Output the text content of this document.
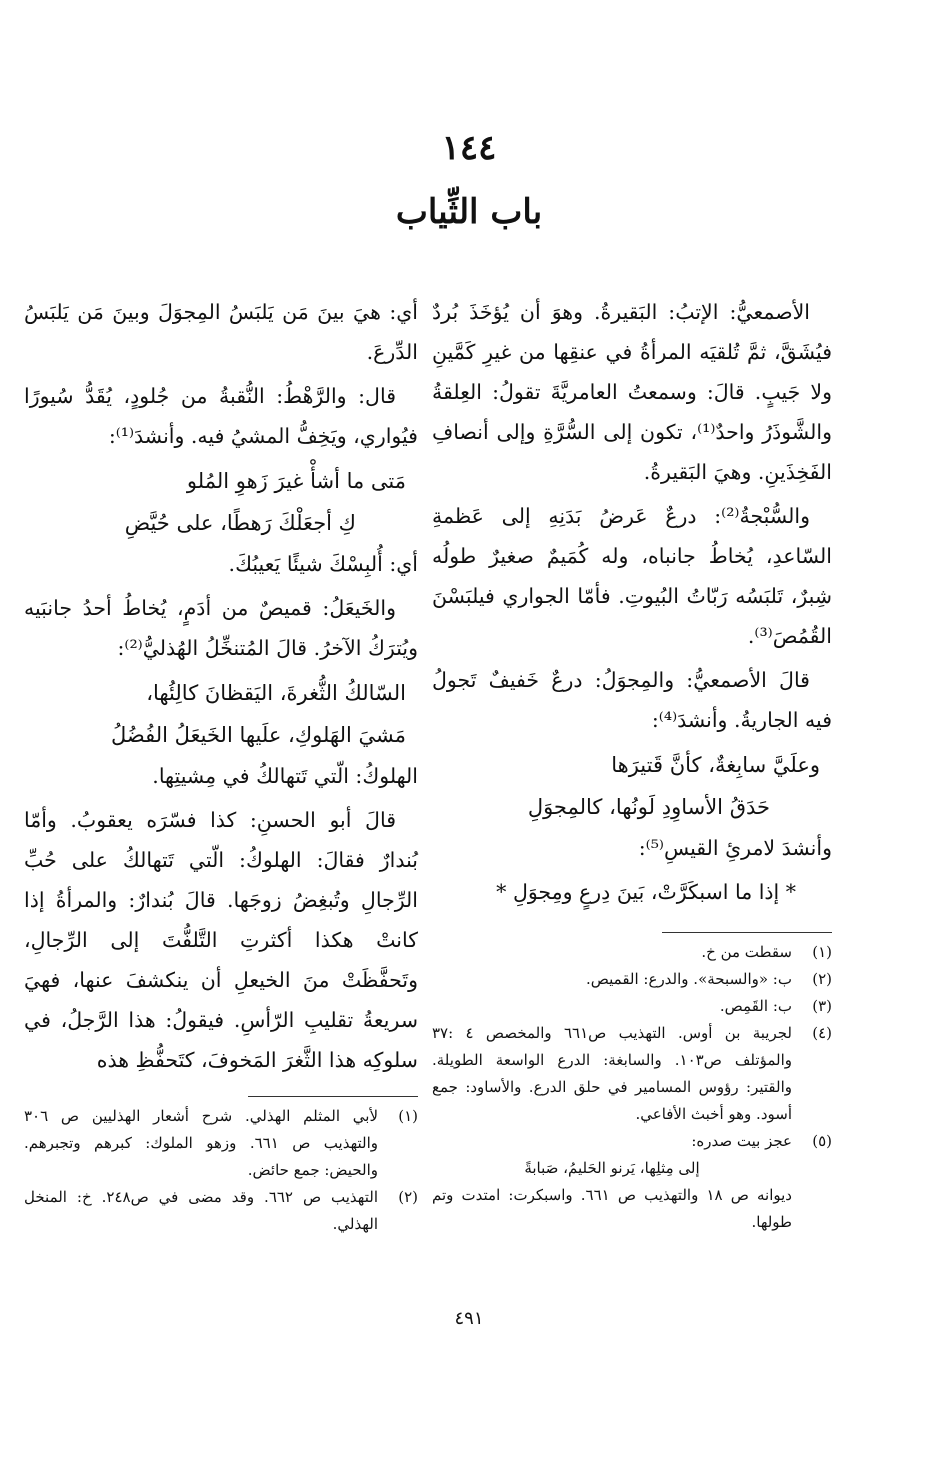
١٤٤
باب الثِّياب

الأصمعيُّ: الإتبُ: البَقيرةُ. وهوَ أن يُؤخَذَ بُردٌ فيُشَقَّ، ثمَّ تُلقيَه المرأةُ في عنقِها من غيرِ كَمَّينِ ولا جَيبٍ. قالَ: وسمعتُ العامريَّةَ تقولُ: العِلقةُ والشَّوذَرُ واحدٌ⁽¹⁾، تكون إلى السُّرَّةِ وإلى أنصافِ الفَخِذَينِ. وهيَ البَقيرةُ.

والسُّبْجةُ⁽²⁾: درعٌ عَرضُ بَدَنِهِ إلى عَظمةِ السّاعدِ، يُخاطُ جانباه، وله كُمَيمٌ صغيرٌ طولُه شِبرٌ، تَلبَسُه رَبّاتُ البُيوتِ. فأمّا الجواري فيلبَسْنَ القُمُصَ⁽³⁾.

قالَ الأصمعيُّ: والمِجوَلُ: درعٌ خَفيفٌ تَجولُ فيه الجاريةُ. وأنشدَ⁽⁴⁾:

وعلَيَّ سابِغةٌ، كأنَّ قَتيرَها
حَدَقُ الأساوِدِ لَونُها، كالمِجوَلِ

وأنشدَ لامرئِ القيسِ⁽⁵⁾:

* إذا ما اسبكَرَّتْ، بَينَ دِرعٍ ومِجوَلِ *
(١)
سقطت من خ.
(٢)
ب: «والسبحة». والدرع: القميص.
(٣)
ب: القَمِص.
(٤)
لجريبة بن أوس. التهذيب ص٦٦١ والمخصص ٤ :٣٧ والمؤتلف ص١٠٣. والسابغة: الدرع الواسعة الطويلة. والقتير: رؤوس المسامير في حلق الدرع. والأساود: جمع أسود. وهو أخبث الأفاعي.
(٥)
عجز بيت صدره:
إلى مِثلِها، يَرنو الحَليمُ، صَبابةً
ديوانه ص ١٨ والتهذيب ص ٦٦١. واسبكرت: امتدت وتم طولها.

أي: هيَ بينَ مَن يَلبَسُ المِجوَلَ وبينَ مَن يَلبَسُ الدِّرعَ.

قال: والرَّهْطُ: النُّقبةُ من جُلودٍ، يُقَدُّ سُيورًا فيُواري، ويَخِفُّ المشيُ فيه. وأنشدَ⁽¹⁾:

مَتى ما أشأْ غيرَ زَهوِ المُلو
كِ أجعَلْكَ رَهطًا، على حُيَّضِ

أي: أُلبِسْكَ شيئًا يَعيبُكَ.

والخَيعَلُ: قميصٌ من أدَمٍ، يُخاطُ أحدُ جانبَيه ويُترَكُ الآخرُ. قالَ المُتنخِّلُ الهُذليُّ⁽²⁾:

السّالكُ الثُّغرةَ، اليَقظانَ كالِئُها،
مَشيَ الهَلوكِ، علَيها الخَيعَلُ الفُضُلُ

الهلوكُ: الّتي تَتهالكُ في مِشيتِها.

قالَ أبو الحسنِ: كذا فسّرَه يعقوبُ. وأمّا بُندارٌ فقالَ: الهلوكُ: الّتي تَتهالكُ على حُبِّ الرِّجالِ وتُبغِضُ زوجَها. قالَ بُندارٌ: والمرأةُ إذا كانتْ هكذا أكثرتِ التَّلفُّتَ إلى الرِّجالِ، وتَحفَّظَتْ منَ الخيعلِ أن ينكشفَ عنها، فهيَ سريعةُ تقليبِ الرّأسِ. فيقولُ: هذا الرَّجلُ، في سلوكِه هذا الثَّغرَ المَخوفَ، كتَحفُّظِ هذه

(١)
لأبي المثلم الهذلي. شرح أشعار الهذليين ص ٣٠٦ والتهذيب ص ٦٦١. وزهو الملوك: كبرهم وتجبرهم. والحيض: جمع حائض.
(٢)
التهذيب ص ٦٦٢. وقد مضى في ص٢٤٨. خ: المنخل الهذلي.
٤٩١
